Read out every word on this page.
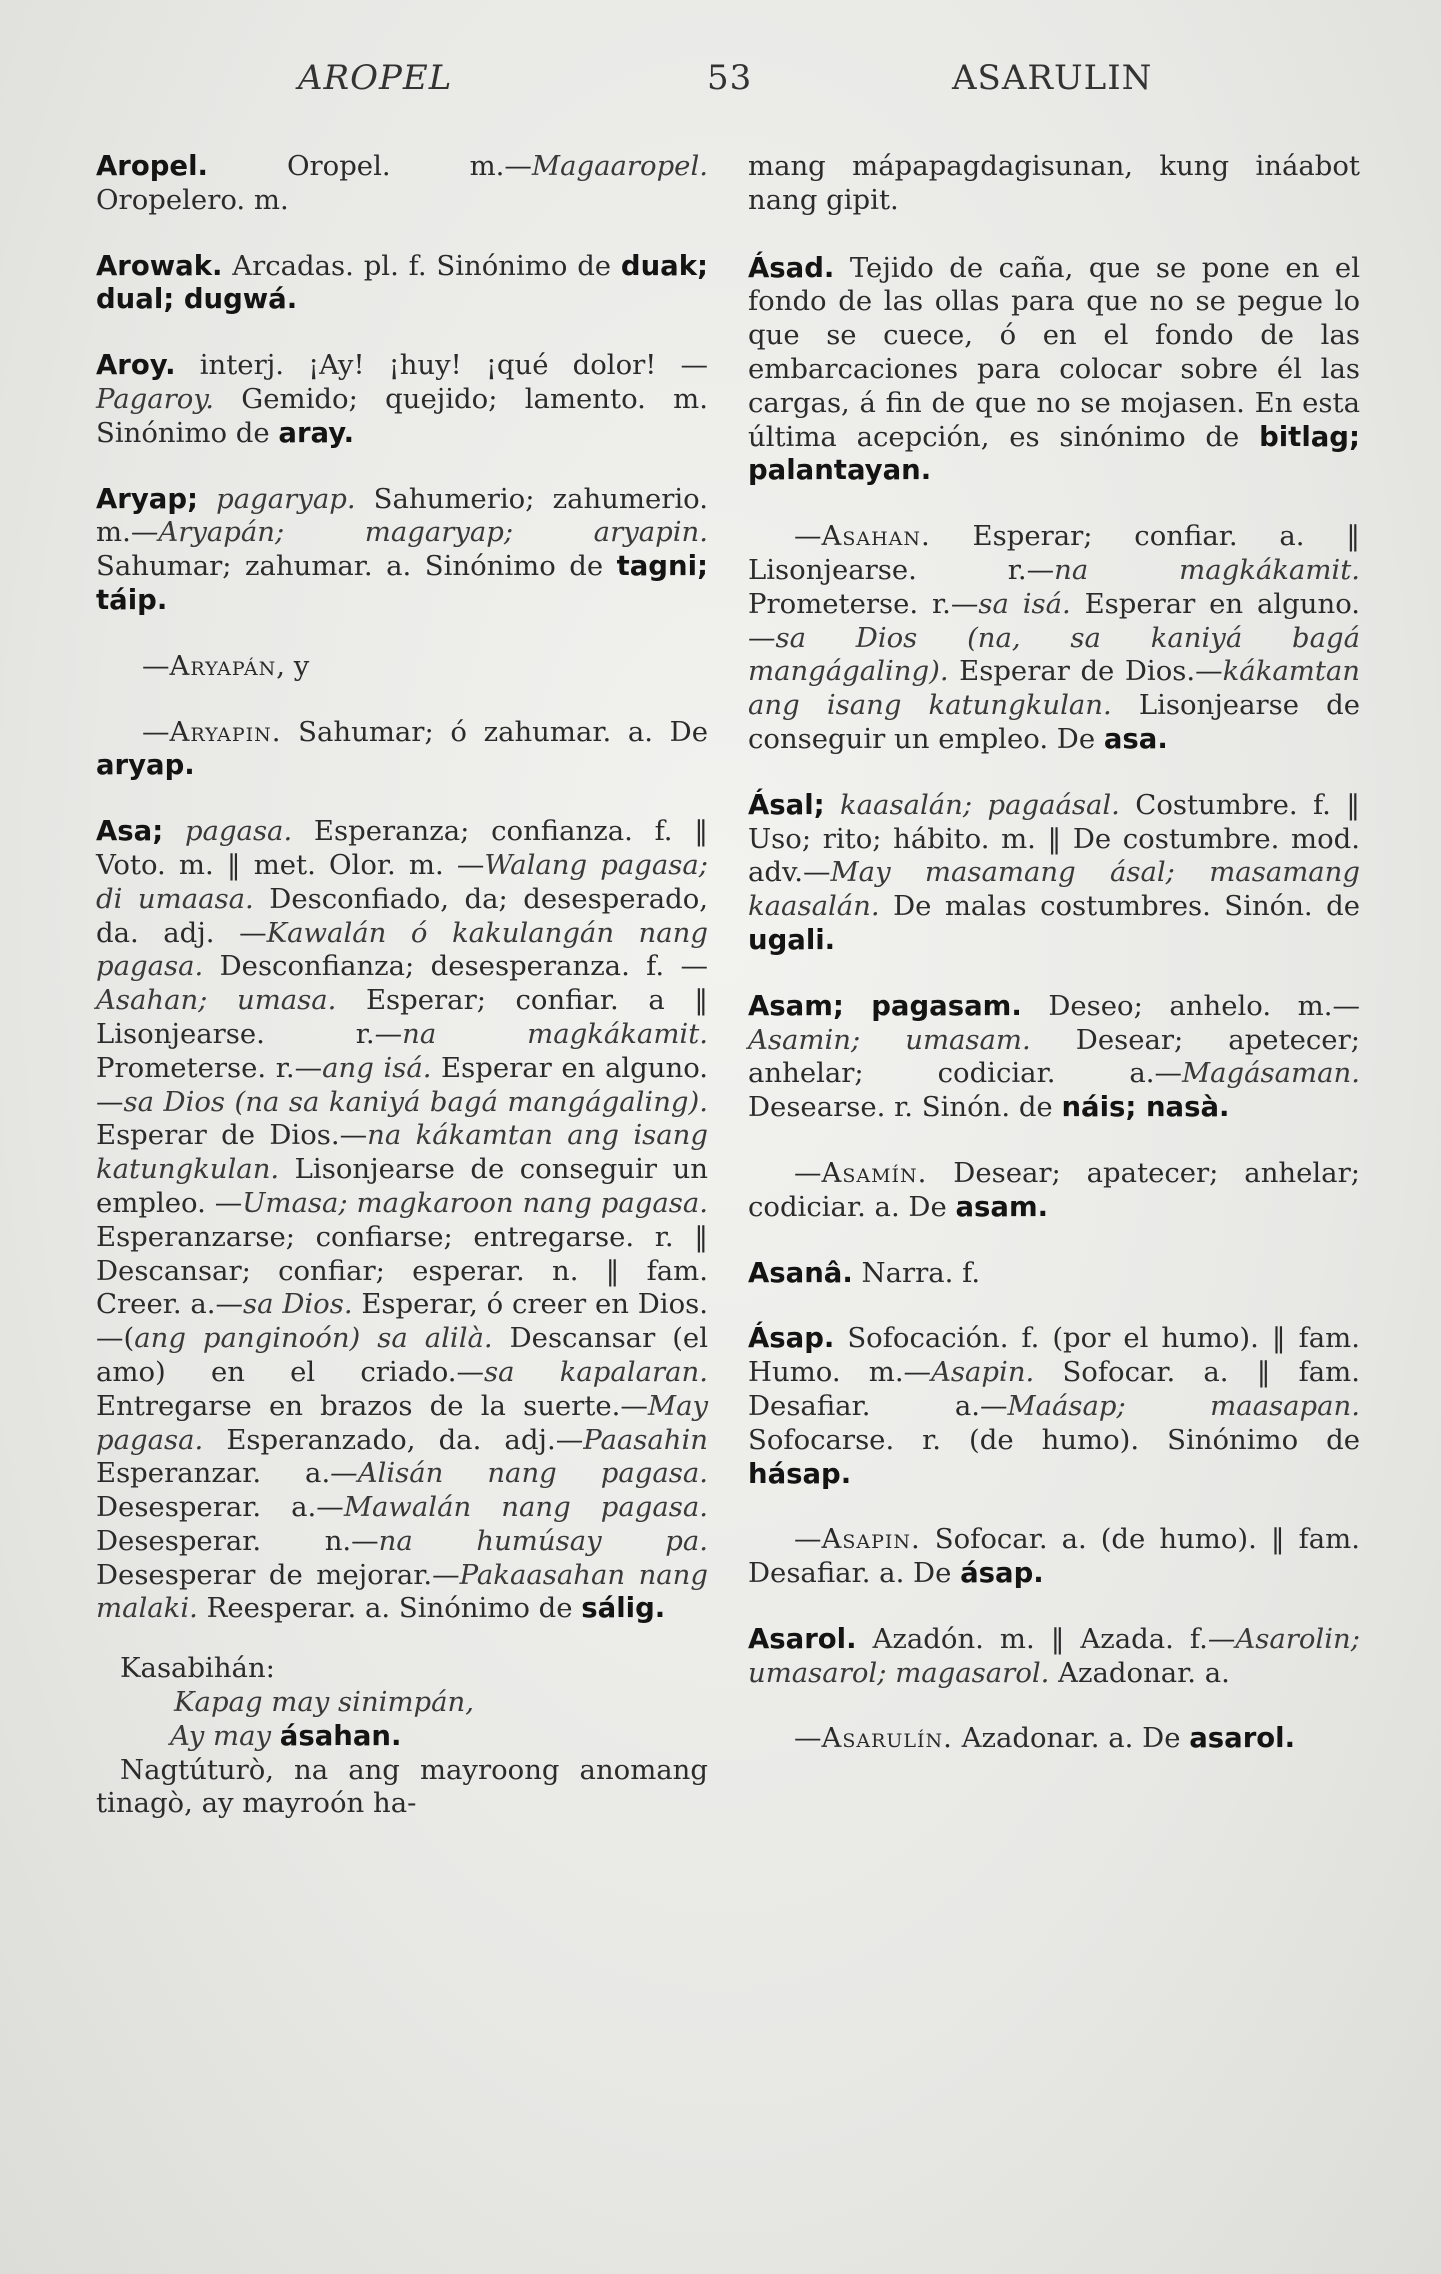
AROPEL	53	ASARULIN

Aropel. Oropel. m.—Magaaropel. Oropelero. m.

Arowak. Arcadas. pl. f. Sinónimo de duak; dual; dugwá.

Aroy. interj. ¡Ay! ¡huy! ¡qué dolor! —Pagaroy. Gemido; quejido; lamento. m. Sinónimo de aray.

Aryap; pagaryap. Sahumerio; zahumerio. m.—Aryapán; magaryap; aryapin. Sahumar; zahumar. a. Sinónimo de tagni; táip.

—Aryapán, y

—Aryapin. Sahumar; ó zahumar. a. De aryap.

Asa; pagasa. Esperanza; confianza. f. ‖ Voto. m. ‖ met. Olor. m. —Walang pagasa; di umaasa. Desconfiado, da; desesperado, da. adj. —Kawalán ó kakulangán nang pagasa. Desconfianza; desesperanza. f. —Asahan; umasa. Esperar; confiar. a ‖ Lisonjearse. r.—na magkákamit. Prometerse. r.—ang isá. Esperar en alguno.—sa Dios (na sa kaniyá bagá mangágaling). Esperar de Dios.—na kákamtan ang isang katungkulan. Lisonjearse de conseguir un empleo. —Umasa; magkaroon nang pagasa. Esperanzarse; confiarse; entregarse. r. ‖ Descansar; confiar; esperar. n. ‖ fam. Creer. a.—sa Dios. Esperar, ó creer en Dios.—(ang panginoón) sa alilà. Descansar (el amo) en el criado.—sa kapalaran. Entregarse en brazos de la suerte.—May pagasa. Esperanzado, da. adj.—Paasahin Esperanzar. a.—Alisán nang pagasa. Desesperar. a.—Mawalán nang pagasa. Desesperar. n.—na humúsay pa. Desesperar de mejorar.—Pakaasahan nang malaki. Reesperar. a. Sinónimo de sálig.

Kasabihán:

Kapag may sinimpán,
Ay may ásahan.

Nagtúturò, na ang mayroong anomang tinagò, ay mayroón ha-

mang mápapagdagisunan, kung ináabot nang gipit.

Ásad. Tejido de caña, que se pone en el fondo de las ollas para que no se pegue lo que se cuece, ó en el fondo de las embarcaciones para colocar sobre él las cargas, á fin de que no se mojasen. En esta última acepción, es sinónimo de bitlag; palantayan.

—Asahan. Esperar; confiar. a. ‖ Lisonjearse. r.—na magkákamit. Prometerse. r.—sa isá. Esperar en alguno.—sa Dios (na, sa kaniyá bagá mangágaling). Esperar de Dios.—kákamtan ang isang katungkulan. Lisonjearse de conseguir un empleo. De asa.

Ásal; kaasalán; pagaásal. Costumbre. f. ‖ Uso; rito; hábito. m. ‖ De costumbre. mod. adv.—May masamang ásal; masamang kaasalán. De malas costumbres. Sinón. de ugali.

Asam; pagasam. Deseo; anhelo. m.—Asamin; umasam. Desear; apetecer; anhelar; codiciar. a.—Magásaman. Desearse. r. Sinón. de náis; nasà.

—Asamín. Desear; apatecer; anhelar; codiciar. a. De asam.

Asanâ. Narra. f.

Ásap. Sofocación. f. (por el humo). ‖ fam. Humo. m.—Asapin. Sofocar. a. ‖ fam. Desafiar. a.—Maásap; maasapan. Sofocarse. r. (de humo). Sinónimo de hásap.

—Asapin. Sofocar. a. (de humo). ‖ fam. Desafiar. a. De ásap.

Asarol. Azadón. m. ‖ Azada. f.—Asarolin; umasarol; magasarol. Azadonar. a.

—Asarulín. Azadonar. a. De asarol.
